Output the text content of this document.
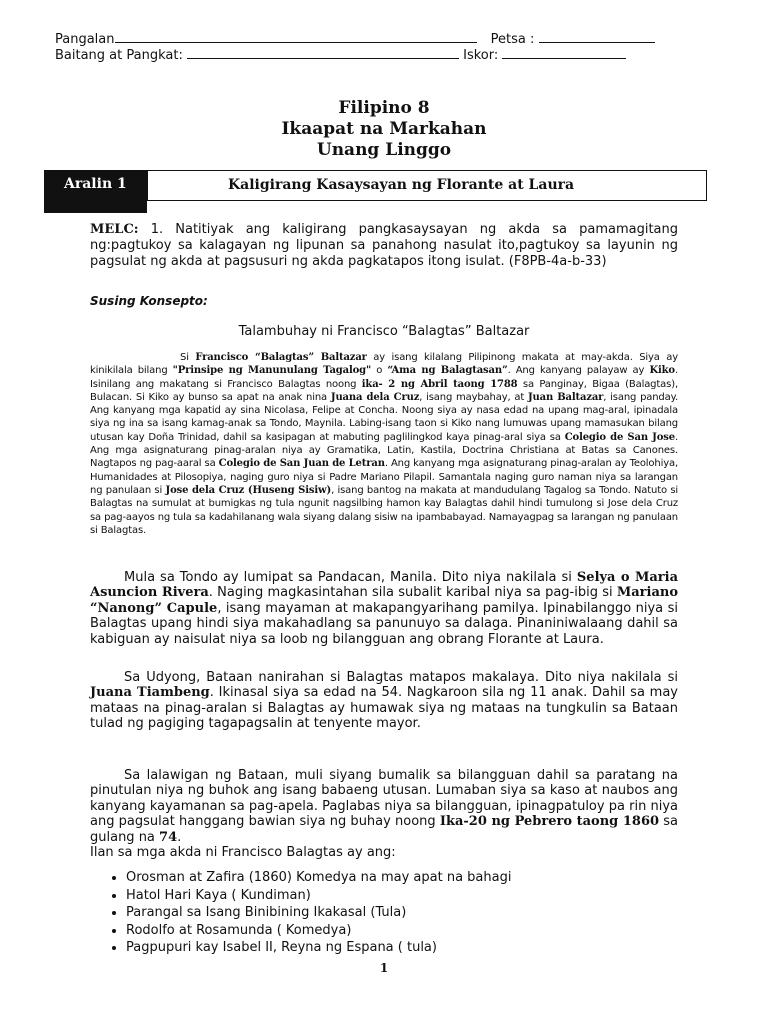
Pangalan	Petsa :
Baitang at Pangkat:	Iskor:
Filipino 8
Ikaapat na Markahan
Unang Linggo
Aralin 1	Kaligirang Kasaysayan ng Florante at Laura

MELC: 1. Natitiyak ang kaligirang pangkasaysayan ng akda sa pamamagitang ng:pagtukoy sa kalagayan ng lipunan sa panahong nasulat ito,pagtukoy sa layunin ng pagsulat ng akda at pagsusuri ng akda pagkatapos itong isulat. (F8PB-4a-b-33)

Susing Konsepto:
Talambuhay ni Francisco “Balagtas” Baltazar

Si Francisco “Balagtas” Baltazar ay isang kilalang Pilipinong makata at may-akda. Siya ay kinikilala bilang "Prinsipe ng Manunulang Tagalog" o “Ama ng Balagtasan”. Ang kanyang palayaw ay Kiko. Isinilang ang makatang si Francisco Balagtas noong ika- 2 ng Abril taong 1788 sa Panginay, Bigaa (Balagtas), Bulacan. Si Kiko ay bunso sa apat na anak nina Juana dela Cruz, isang maybahay, at Juan Baltazar, isang panday. Ang kanyang mga kapatid ay sina Nicolasa, Felipe at Concha. Noong siya ay nasa edad na upang mag-aral, ipinadala siya ng ina sa isang kamag-anak sa Tondo, Maynila. Labing-isang taon si Kiko nang lumuwas upang mamasukan bilang utusan kay Doña Trinidad, dahil sa kasipagan at mabuting paglilingkod kaya pinag-aral siya sa Colegio de San Jose. Ang mga asignaturang pinag-aralan niya ay Gramatika, Latin, Kastila, Doctrina Christiana at Batas sa Canones. Nagtapos ng pag-aaral sa Colegio de San Juan de Letran. Ang kanyang mga asignaturang pinag-aralan ay Teolohiya, Humanidades at Pilosopiya, naging guro niya si Padre Mariano Pilapil. Samantala naging guro naman niya sa larangan ng panulaan si Jose dela Cruz (Huseng Sisiw), isang bantog na makata at mandudulang Tagalog sa Tondo. Natuto si Balagtas na sumulat at bumigkas ng tula ngunit nagsilbing hamon kay Balagtas dahil hindi tumulong si Jose dela Cruz sa pag-aayos ng tula sa kadahilanang wala siyang dalang sisiw na ipambabayad. Namayagpag sa larangan ng panulaan si Balagtas.

Mula sa Tondo ay lumipat sa Pandacan, Manila. Dito niya nakilala si Selya o Maria Asuncion Rivera. Naging magkasintahan sila subalit karibal niya sa pag-ibig si Mariano “Nanong” Capule, isang mayaman at makapangyarihang pamilya. Ipinabilanggo niya si Balagtas upang hindi siya makahadlang sa panunuyo sa dalaga. Pinaniniwalaang dahil sa kabiguan ay naisulat niya sa loob ng bilangguan ang obrang Florante at Laura.

Sa Udyong, Bataan nanirahan si Balagtas matapos makalaya. Dito niya nakilala si Juana Tiambeng. Ikinasal siya sa edad na 54. Nagkaroon sila ng 11 anak. Dahil sa may mataas na pinag-aralan si Balagtas ay humawak siya ng mataas na tungkulin sa Bataan tulad ng pagiging tagapagsalin at tenyente mayor.

Sa lalawigan ng Bataan, muli siyang bumalik sa bilangguan dahil sa paratang na pinutulan niya ng buhok ang isang babaeng utusan. Lumaban siya sa kaso at naubos ang kanyang kayamanan sa pag-apela. Paglabas niya sa bilangguan, ipinagpatuloy pa rin niya ang pagsulat hanggang bawian siya ng buhay noong Ika-20 ng Pebrero taong 1860 sa gulang na 74.

Ilan sa mga akda ni Francisco Balagtas ay ang:
• Orosman at Zafira (1860) Komedya na may apat na bahagi
• Hatol Hari Kaya ( Kundiman)
• Parangal sa Isang Binibining Ikakasal (Tula)
• Rodolfo at Rosamunda ( Komedya)
• Pagpupuri kay Isabel II, Reyna ng Espana ( tula)
1
